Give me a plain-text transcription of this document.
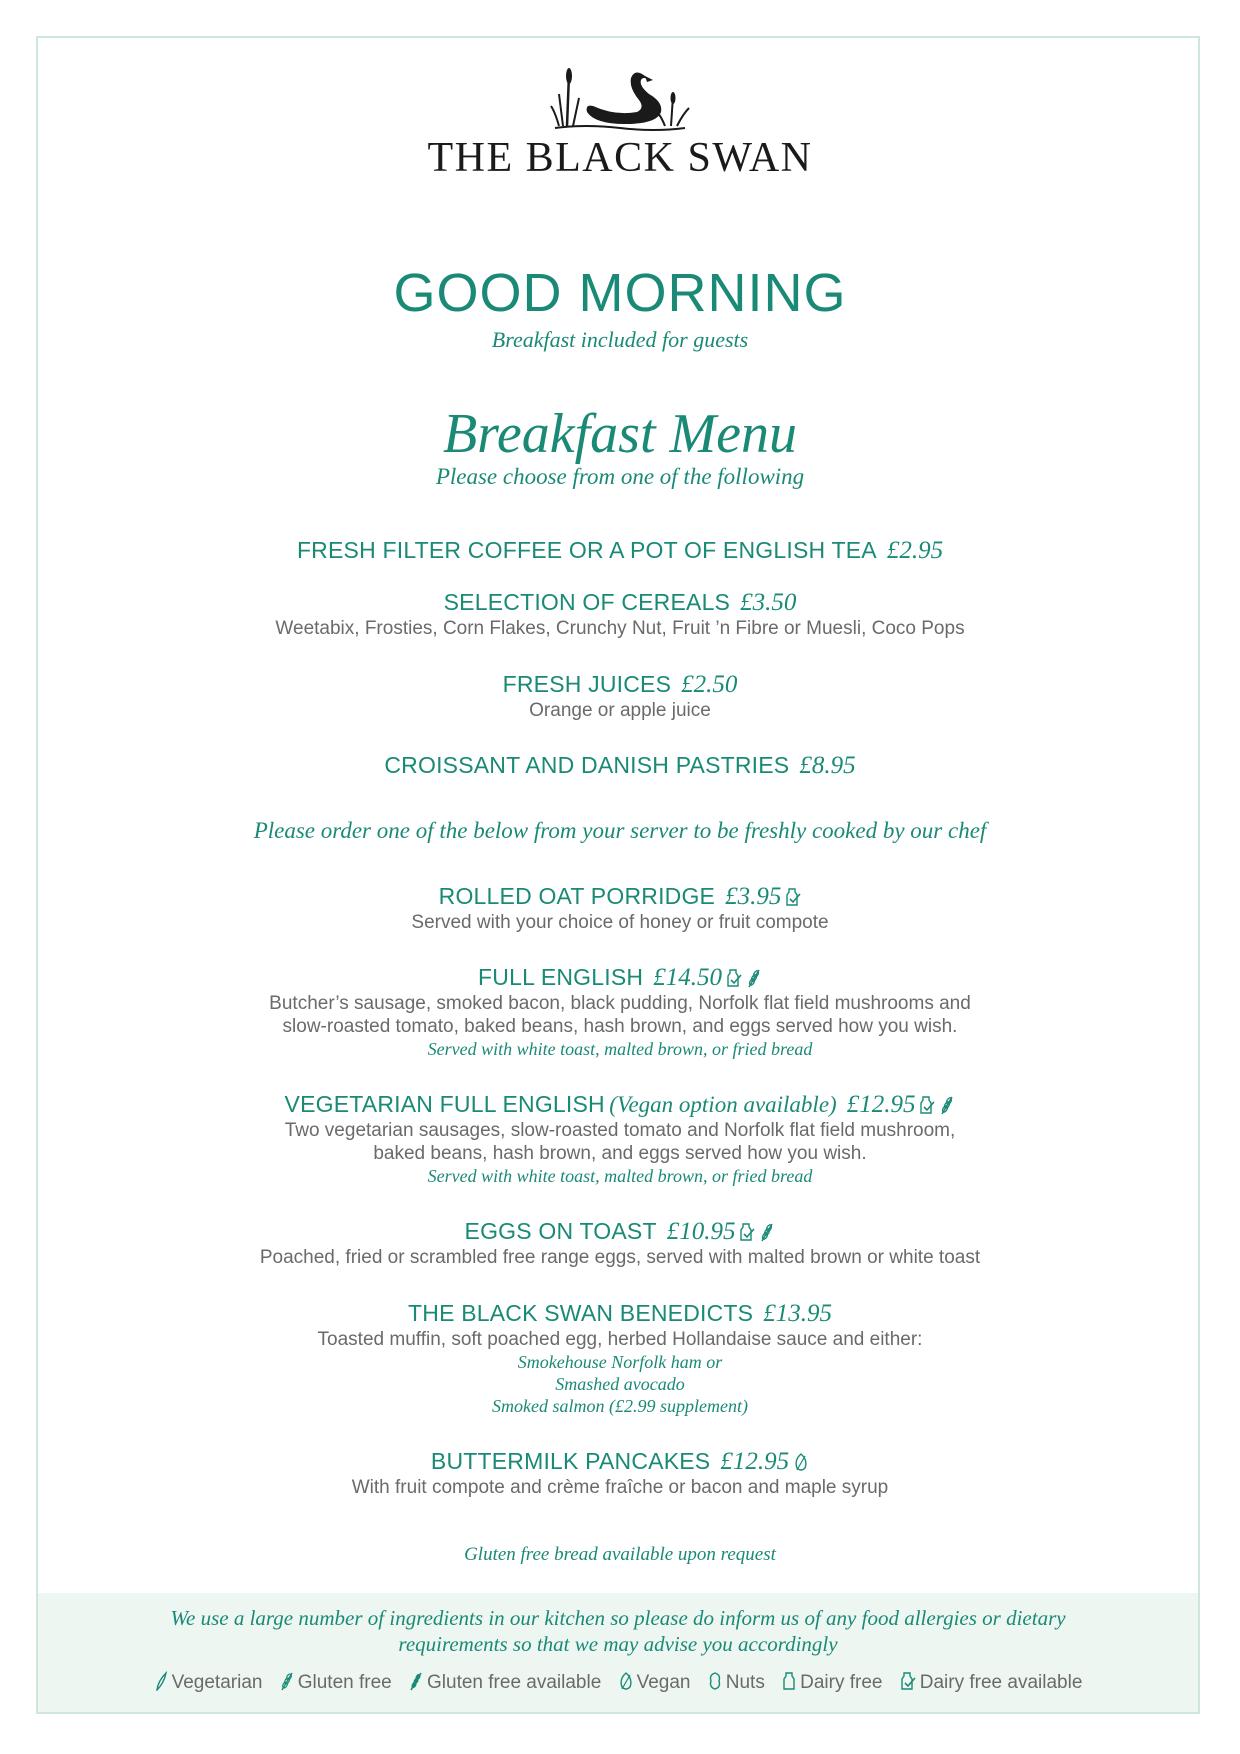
THE BLACK SWAN
GOOD MORNING
Breakfast included for guests
Breakfast Menu
Please choose from one of the following
FRESH FILTER COFFEE OR A POT OF ENGLISH TEA £2.95
SELECTION OF CEREALS £3.50
Weetabix, Frosties, Corn Flakes, Crunchy Nut, Fruit ’n Fibre or Muesli, Coco Pops
FRESH JUICES £2.50
Orange or apple juice
CROISSANT AND DANISH PASTRIES £8.95
Please order one of the below from your server to be freshly cooked by our chef
ROLLED OAT PORRIDGE £3.95
Served with your choice of honey or fruit compote
FULL ENGLISH £14.50
Butcher’s sausage, smoked bacon, black pudding, Norfolk flat field mushrooms and
slow-roasted tomato, baked beans, hash brown, and eggs served how you wish.
Served with white toast, malted brown, or fried bread
VEGETARIAN FULL ENGLISH (Vegan option available) £12.95
Two vegetarian sausages, slow-roasted tomato and Norfolk flat field mushroom,
baked beans, hash brown, and eggs served how you wish.
Served with white toast, malted brown, or fried bread
EGGS ON TOAST £10.95
Poached, fried or scrambled free range eggs, served with malted brown or white toast
THE BLACK SWAN BENEDICTS £13.95
Toasted muffin, soft poached egg, herbed Hollandaise sauce and either:
Smokehouse Norfolk ham or
Smashed avocado
Smoked salmon (£2.99 supplement)
BUTTERMILK PANCAKES £12.95
With fruit compote and crème fraîche or bacon and maple syrup
Gluten free bread available upon request
We use a large number of ingredients in our kitchen so please do inform us of any food allergies or dietary
requirements so that we may advise you accordingly
Vegetarian Gluten free Gluten free available Vegan Nuts Dairy free Dairy free available
